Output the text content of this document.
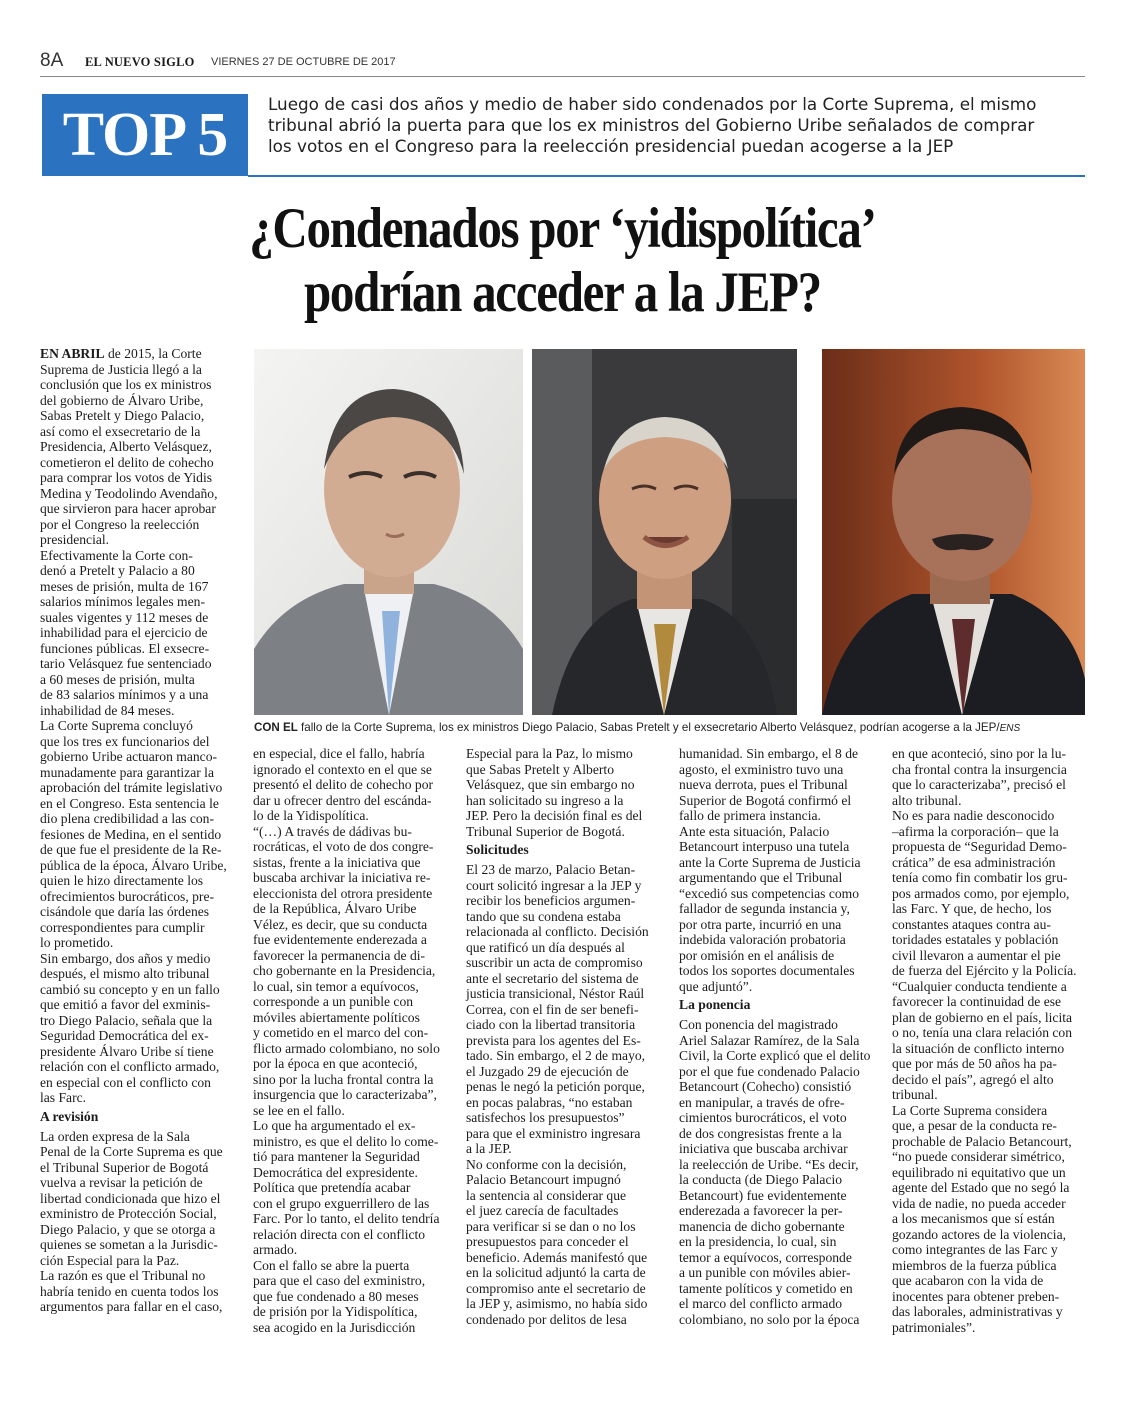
8A EL NUEVO SIGLO VIERNES 27 DE OCTUBRE DE 2017
TOP 5	Luego de casi dos años y medio de haber sido condenados por la Corte Suprema, el mismo
tribunal abrió la puerta para que los ex ministros del Gobierno Uribe señalados de comprar
los votos en el Congreso para la reelección presidencial puedan acogerse a la JEP
¿Condenados por ‘yidispolítica’
podrían acceder a la JEP?

CON EL fallo de la Corte Suprema, los ex ministros Diego Palacio, Sabas Pretelt y el exsecretario Alberto Velásquez, podrían acogerse a la JEP/ENS

EN ABRIL de 2015, la Corte
Suprema de Justicia llegó a la
conclusión que los ex ministros
del gobierno de Álvaro Uribe,
Sabas Pretelt y Diego Palacio,
así como el exsecretario de la
Presidencia, Alberto Velásquez,
cometieron el delito de cohecho
para comprar los votos de Yidis
Medina y Teodolindo Avendaño,
que sirvieron para hacer aprobar
por el Congreso la reelección
presidencial.
Efectivamente la Corte con-
denó a Pretelt y Palacio a 80
meses de prisión, multa de 167
salarios mínimos legales men-
suales vigentes y 112 meses de
inhabilidad para el ejercicio de
funciones públicas. El exsecre-
tario Velásquez fue sentenciado
a 60 meses de prisión, multa
de 83 salarios mínimos y a una
inhabilidad de 84 meses.
La Corte Suprema concluyó
que los tres ex funcionarios del
gobierno Uribe actuaron manco-
munadamente para garantizar la
aprobación del trámite legislativo
en el Congreso. Esta sentencia le
dio plena credibilidad a las con-
fesiones de Medina, en el sentido
de que fue el presidente de la Re-
pública de la época, Álvaro Uribe,
quien le hizo directamente los
ofrecimientos burocráticos, pre-
cisándole que daría las órdenes
correspondientes para cumplir
lo prometido.
Sin embargo, dos años y medio
después, el mismo alto tribunal
cambió su concepto y en un fallo
que emitió a favor del exminis-
tro Diego Palacio, señala que la
Seguridad Democrática del ex-
presidente Álvaro Uribe sí tiene
relación con el conflicto armado,
en especial con el conflicto con
las Farc.
A revisión
La orden expresa de la Sala
Penal de la Corte Suprema es que
el Tribunal Superior de Bogotá
vuelva a revisar la petición de
libertad condicionada que hizo el
exministro de Protección Social,
Diego Palacio, y que se otorga a
quienes se sometan a la Jurisdic-
ción Especial para la Paz.
La razón es que el Tribunal no
habría tenido en cuenta todos los
argumentos para fallar en el caso,
en especial, dice el fallo, habría
ignorado el contexto en el que se
presentó el delito de cohecho por
dar u ofrecer dentro del escánda-
lo de la Yidispolítica.
“(…) A través de dádivas bu-
rocráticas, el voto de dos congre-
sistas, frente a la iniciativa que
buscaba archivar la iniciativa re-
eleccionista del otrora presidente
de la República, Álvaro Uribe
Vélez, es decir, que su conducta
fue evidentemente enderezada a
favorecer la permanencia de di-
cho gobernante en la Presidencia,
lo cual, sin temor a equívocos,
corresponde a un punible con
móviles abiertamente políticos
y cometido en el marco del con-
flicto armado colombiano, no solo
por la época en que aconteció,
sino por la lucha frontal contra la
insurgencia que lo caracterizaba”,
se lee en el fallo.
Lo que ha argumentado el ex-
ministro, es que el delito lo come-
tió para mantener la Seguridad
Democrática del expresidente.
Política que pretendía acabar
con el grupo exguerrillero de las
Farc. Por lo tanto, el delito tendría
relación directa con el conflicto
armado.
Con el fallo se abre la puerta
para que el caso del exministro,
que fue condenado a 80 meses
de prisión por la Yidispolítica,
sea acogido en la Jurisdicción
Especial para la Paz, lo mismo
que Sabas Pretelt y Alberto
Velásquez, que sin embargo no
han solicitado su ingreso a la
JEP. Pero la decisión final es del
Tribunal Superior de Bogotá.
Solicitudes
El 23 de marzo, Palacio Betan-
court solicitó ingresar a la JEP y
recibir los beneficios argumen-
tando que su condena estaba
relacionada al conflicto. Decisión
que ratificó un día después al
suscribir un acta de compromiso
ante el secretario del sistema de
justicia transicional, Néstor Raúl
Correa, con el fin de ser benefi-
ciado con la libertad transitoria
prevista para los agentes del Es-
tado. Sin embargo, el 2 de mayo,
el Juzgado 29 de ejecución de
penas le negó la petición porque,
en pocas palabras, “no estaban
satisfechos los presupuestos”
para que el exministro ingresara
a la JEP.
No conforme con la decisión,
Palacio Betancourt impugnó
la sentencia al considerar que
el juez carecía de facultades
para verificar si se dan o no los
presupuestos para conceder el
beneficio. Además manifestó que
en la solicitud adjuntó la carta de
compromiso ante el secretario de
la JEP y, asimismo, no había sido
condenado por delitos de lesa
humanidad. Sin embargo, el 8 de
agosto, el exministro tuvo una
nueva derrota, pues el Tribunal
Superior de Bogotá confirmó el
fallo de primera instancia.
Ante esta situación, Palacio
Betancourt interpuso una tutela
ante la Corte Suprema de Justicia
argumentando que el Tribunal
“excedió sus competencias como
fallador de segunda instancia y,
por otra parte, incurrió en una
indebida valoración probatoria
por omisión en el análisis de
todos los soportes documentales
que adjuntó”.
La ponencia
Con ponencia del magistrado
Ariel Salazar Ramírez, de la Sala
Civil, la Corte explicó que el delito
por el que fue condenado Palacio
Betancourt (Cohecho) consistió
en manipular, a través de ofre-
cimientos burocráticos, el voto
de dos congresistas frente a la
iniciativa que buscaba archivar
la reelección de Uribe. “Es decir,
la conducta (de Diego Palacio
Betancourt) fue evidentemente
enderezada a favorecer la per-
manencia de dicho gobernante
en la presidencia, lo cual, sin
temor a equívocos, corresponde
a un punible con móviles abier-
tamente políticos y cometido en
el marco del conflicto armado
colombiano, no solo por la época
en que aconteció, sino por la lu-
cha frontal contra la insurgencia
que lo caracterizaba”, precisó el
alto tribunal.
No es para nadie desconocido
–afirma la corporación– que la
propuesta de “Seguridad Demo-
crática” de esa administración
tenía como fin combatir los gru-
pos armados como, por ejemplo,
las Farc. Y que, de hecho, los
constantes ataques contra au-
toridades estatales y población
civil llevaron a aumentar el pie
de fuerza del Ejército y la Policía.
“Cualquier conducta tendiente a
favorecer la continuidad de ese
plan de gobierno en el país, licita
o no, tenía una clara relación con
la situación de conflicto interno
que por más de 50 años ha pa-
decido el país”, agregó el alto
tribunal.
La Corte Suprema considera
que, a pesar de la conducta re-
prochable de Palacio Betancourt,
“no puede considerar simétrico,
equilibrado ni equitativo que un
agente del Estado que no segó la
vida de nadie, no pueda acceder
a los mecanismos que sí están
gozando actores de la violencia,
como integrantes de las Farc y
miembros de la fuerza pública
que acabaron con la vida de
inocentes para obtener preben-
das laborales, administrativas y
patrimoniales”.
